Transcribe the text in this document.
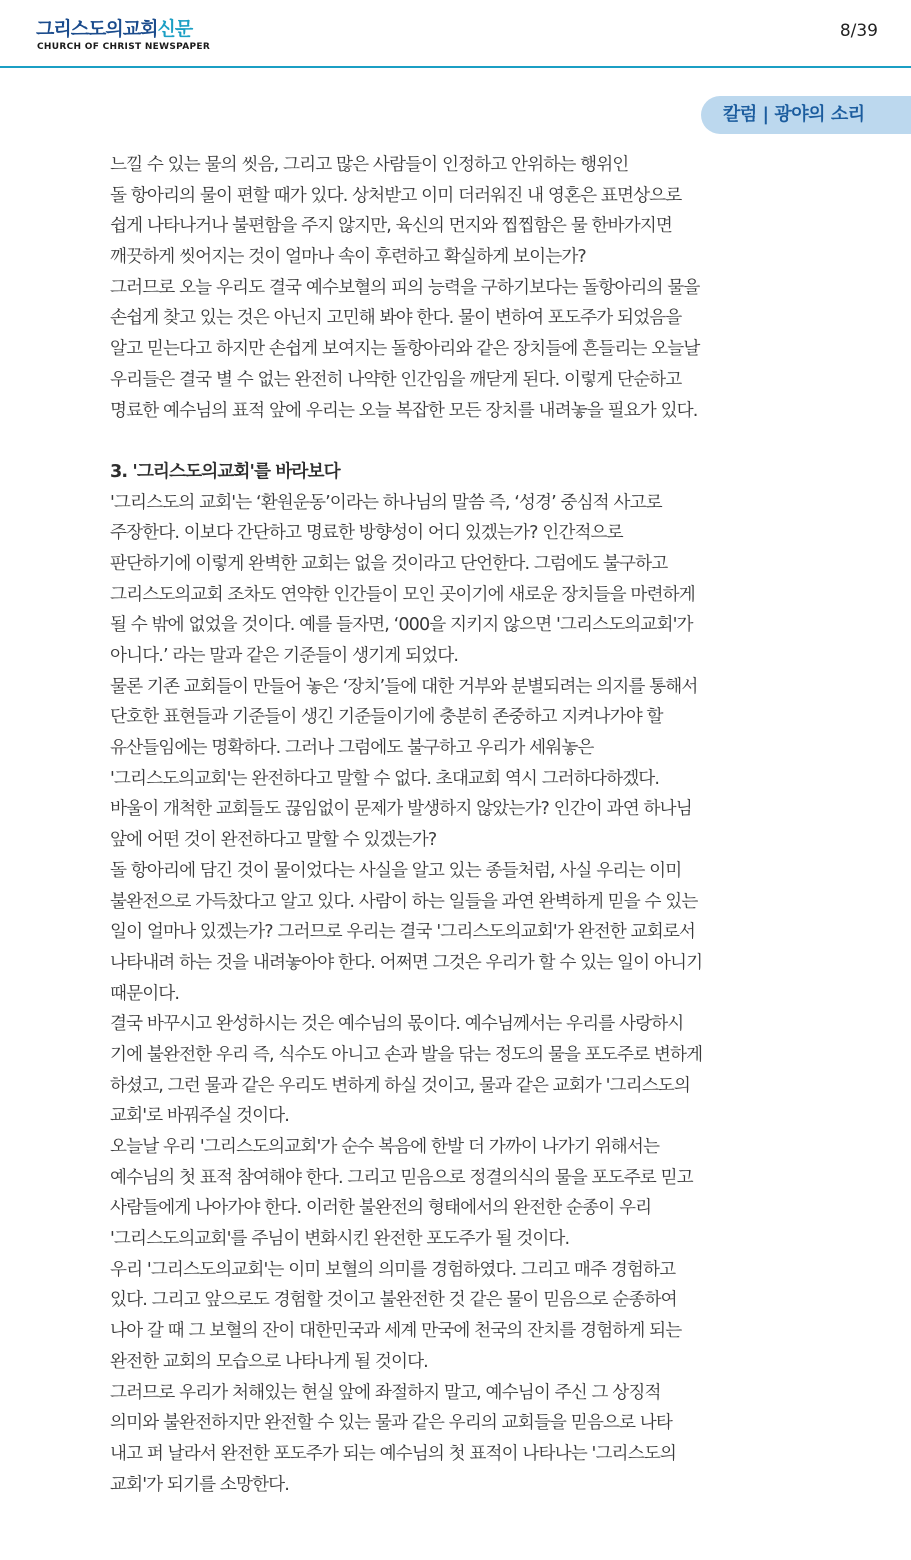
그리스도의교회신문
CHURCH OF CHRIST NEWSPAPER
8/39
칼럼 | 광야의 소리
느낄 수 있는 물의 씻음, 그리고 많은 사람들이 인정하고 안위하는 행위인
돌 항아리의 물이 편할 때가 있다. 상처받고 이미 더러워진 내 영혼은 표면상으로
쉽게 나타나거나 불편함을 주지 않지만, 육신의 먼지와 찝찝함은 물 한바가지면
깨끗하게 씻어지는 것이 얼마나 속이 후련하고 확실하게 보이는가?
그러므로 오늘 우리도 결국 예수보혈의 피의 능력을 구하기보다는 돌항아리의 물을
손쉽게 찾고 있는 것은 아닌지 고민해 봐야 한다. 물이 변하여 포도주가 되었음을
알고 믿는다고 하지만 손쉽게 보여지는 돌항아리와 같은 장치들에 흔들리는 오늘날
우리들은 결국 별 수 없는 완전히 나약한 인간임을 깨닫게 된다. 이렇게 단순하고
명료한 예수님의 표적 앞에 우리는 오늘 복잡한 모든 장치를 내려놓을 필요가 있다.
3. '그리스도의교회'를 바라보다
'그리스도의 교회'는 ‘환원운동’이라는 하나님의 말씀 즉, ‘성경’ 중심적 사고로
주장한다. 이보다 간단하고 명료한 방향성이 어디 있겠는가? 인간적으로
판단하기에 이렇게 완벽한 교회는 없을 것이라고 단언한다. 그럼에도 불구하고
그리스도의교회 조차도 연약한 인간들이 모인 곳이기에 새로운 장치들을 마련하게
될 수 밖에 없었을 것이다. 예를 들자면, ‘000을 지키지 않으면 '그리스도의교회'가
아니다.’ 라는 말과 같은 기준들이 생기게 되었다.
물론 기존 교회들이 만들어 놓은 ‘장치’들에 대한 거부와 분별되려는 의지를 통해서
단호한 표현들과 기준들이 생긴 기준들이기에 충분히 존중하고 지켜나가야 할
유산들임에는 명확하다. 그러나 그럼에도 불구하고 우리가 세워놓은
'그리스도의교회'는 완전하다고 말할 수 없다. 초대교회 역시 그러하다하겠다.
바울이 개척한 교회들도 끊임없이 문제가 발생하지 않았는가? 인간이 과연 하나님
앞에 어떤 것이 완전하다고 말할 수 있겠는가?
돌 항아리에 담긴 것이 물이었다는 사실을 알고 있는 종들처럼, 사실 우리는 이미
불완전으로 가득찼다고 알고 있다. 사람이 하는 일들을 과연 완벽하게 믿을 수 있는
일이 얼마나 있겠는가? 그러므로 우리는 결국 '그리스도의교회'가 완전한 교회로서
나타내려 하는 것을 내려놓아야 한다. 어쩌면 그것은 우리가 할 수 있는 일이 아니기
때문이다.
결국 바꾸시고 완성하시는 것은 예수님의 몫이다. 예수님께서는 우리를 사랑하시
기에 불완전한 우리 즉, 식수도 아니고 손과 발을 닦는 정도의 물을 포도주로 변하게
하셨고, 그런 물과 같은 우리도 변하게 하실 것이고, 물과 같은 교회가 '그리스도의
교회'로 바꿔주실 것이다.
오늘날 우리 '그리스도의교회'가 순수 복음에 한발 더 가까이 나가기 위해서는
예수님의 첫 표적 참여해야 한다. 그리고 믿음으로 정결의식의 물을 포도주로 믿고
사람들에게 나아가야 한다. 이러한 불완전의 형태에서의 완전한 순종이 우리
'그리스도의교회'를 주님이 변화시킨 완전한 포도주가 될 것이다.
우리 '그리스도의교회'는 이미 보혈의 의미를 경험하였다. 그리고 매주 경험하고
있다. 그리고 앞으로도 경험할 것이고 불완전한 것 같은 물이 믿음으로 순종하여
나아 갈 때 그 보혈의 잔이 대한민국과 세계 만국에 천국의 잔치를 경험하게 되는
완전한 교회의 모습으로 나타나게 될 것이다.
그러므로 우리가 처해있는 현실 앞에 좌절하지 말고, 예수님이 주신 그 상징적
의미와 불완전하지만 완전할 수 있는 물과 같은 우리의 교회들을 믿음으로 나타
내고 퍼 날라서 완전한 포도주가 되는 예수님의 첫 표적이 나타나는 '그리스도의
교회'가 되기를 소망한다.
